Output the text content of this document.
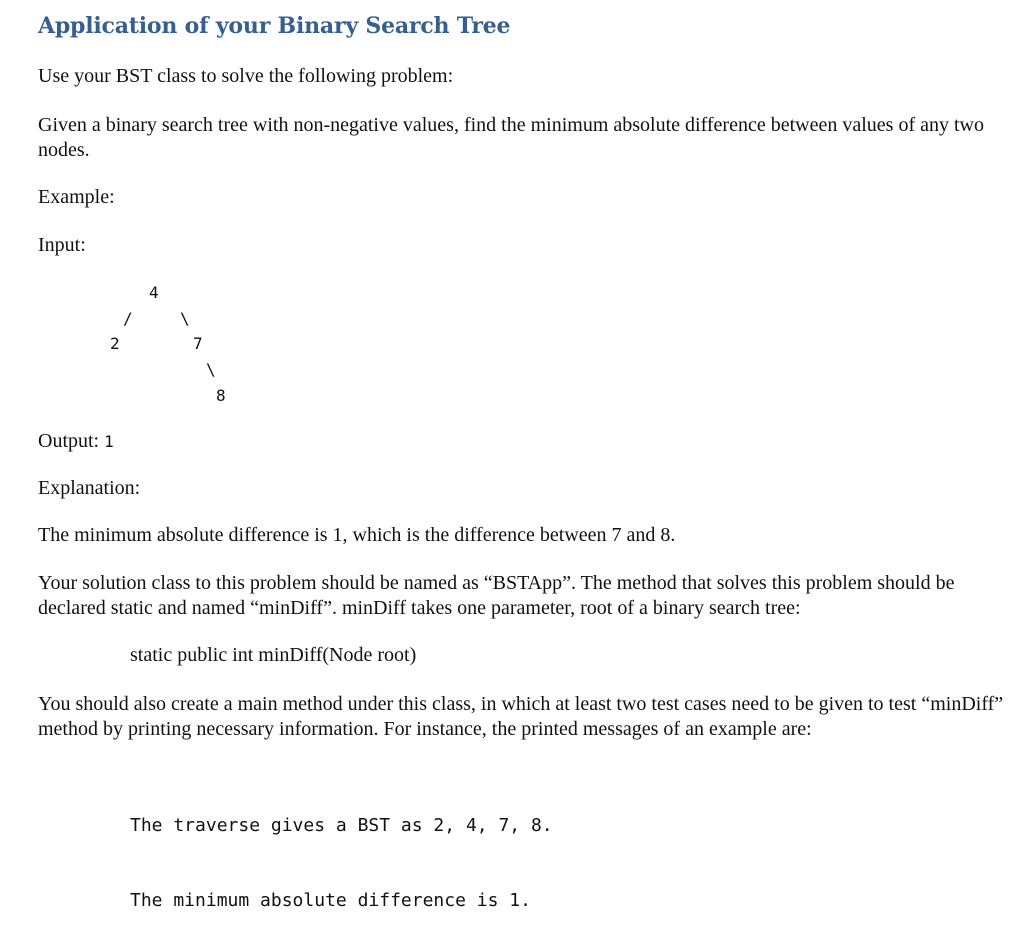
Application of your Binary Search Tree

Use your BST class to solve the following problem:

Given a binary search tree with non-negative values, find the minimum absolute difference between values of any two nodes.

Example:

Input:

4
/	\
2	7
\
8

Output: 1

Explanation:

The minimum absolute difference is 1, which is the difference between 7 and 8.

Your solution class to this problem should be named as “BSTApp”. The method that solves this problem should be declared static and named “minDiff”. minDiff takes one parameter, root of a binary search tree:

You should also create a main method under this class, in which at least two test cases need to be given to test “minDiff” method by printing necessary information. For instance, the printed messages of an example are:

static public int minDiff(Node root)

The traverse gives a BST as 2, 4, 7, 8.

The minimum absolute difference is 1.
